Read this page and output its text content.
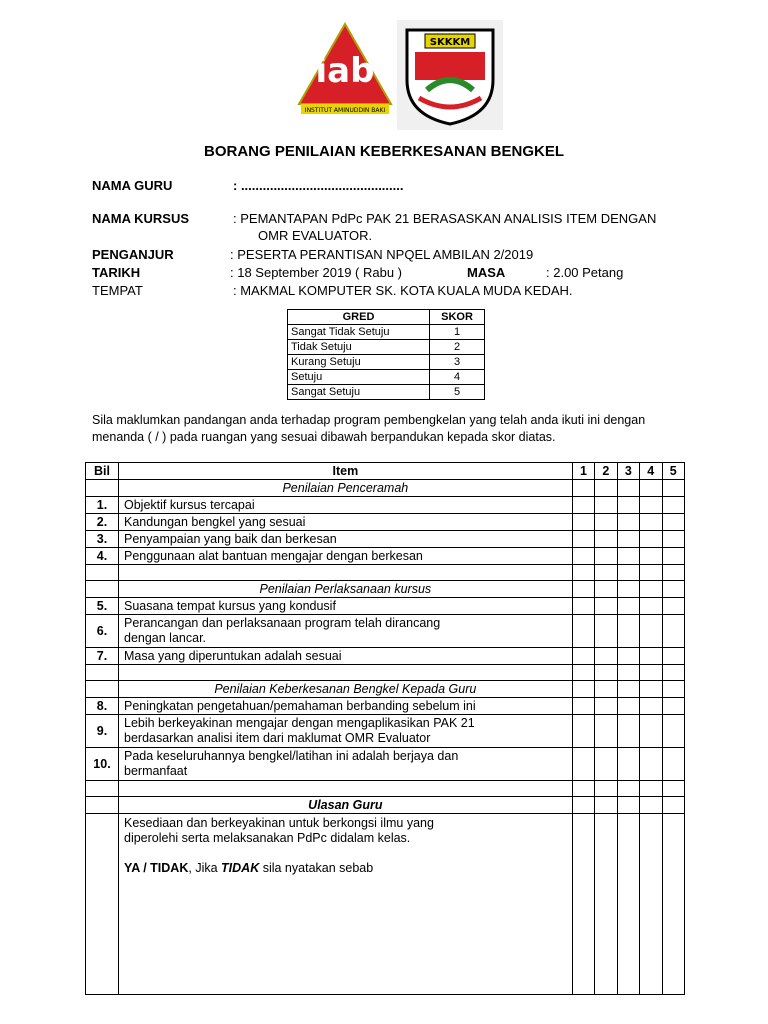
iab
INSTITUT AMINUDDIN BAKI
SKKKM
BORANG PENILAIAN KEBERKESANAN BENGKEL
NAMA GURU	: .............................................
NAMA KURSUS	: PEMANTAPAN PdPc PAK 21 BERASASKAN ANALISIS ITEM DENGAN
OMR EVALUATOR.
PENGANJUR	: PESERTA PERANTISAN NPQEL AMBILAN 2/2019
TARIKH	: 18 September 2019 ( Rabu )	MASA	: 2.00 Petang
TEMPAT	: MAKMAL KOMPUTER SK. KOTA KUALA MUDA KEDAH.
GRED	SKOR
Sangat Tidak Setuju	1
Tidak Setuju	2
Kurang Setuju	3
Setuju	4
Sangat Setuju	5
Sila maklumkan pandangan anda terhadap program pembengkelan yang telah anda ikuti ini dengan
menanda ( / ) pada ruangan yang sesuai dibawah berpandukan kepada skor diatas.
Bil	Item	1	2	3	4	5
	Penilaian Penceramah					
1.	Objektif kursus tercapai					
2.	Kandungan bengkel yang sesuai					
3.	Penyampaian yang baik dan berkesan					
4.	Penggunaan alat bantuan mengajar dengan berkesan					

	Penilaian Perlaksanaan kursus					
5.	Suasana tempat kursus yang kondusif					
6.	Perancangan dan perlaksanaan program telah dirancang
dengan lancar.					

7.	Masa yang diperuntukan adalah sesuai					

	Penilaian Keberkesanan Bengkel Kepada Guru					
8.	Peningkatan pengetahuan/pemahaman berbanding sebelum ini					
9.	Lebih berkeyakinan mengajar dengan mengaplikasikan PAK 21
berdasarkan analisi item dari maklumat OMR Evaluator					

10.	Pada keseluruhannya bengkel/latihan ini adalah berjaya dan
bermanfaat					

	Ulasan Guru					

	Kesediaan dan berkeyakinan untuk berkongsi ilmu yang
diperolehi serta melaksanakan PdPc didalam kelas.
YA / TIDAK, Jika TIDAK sila nyatakan sebab					
